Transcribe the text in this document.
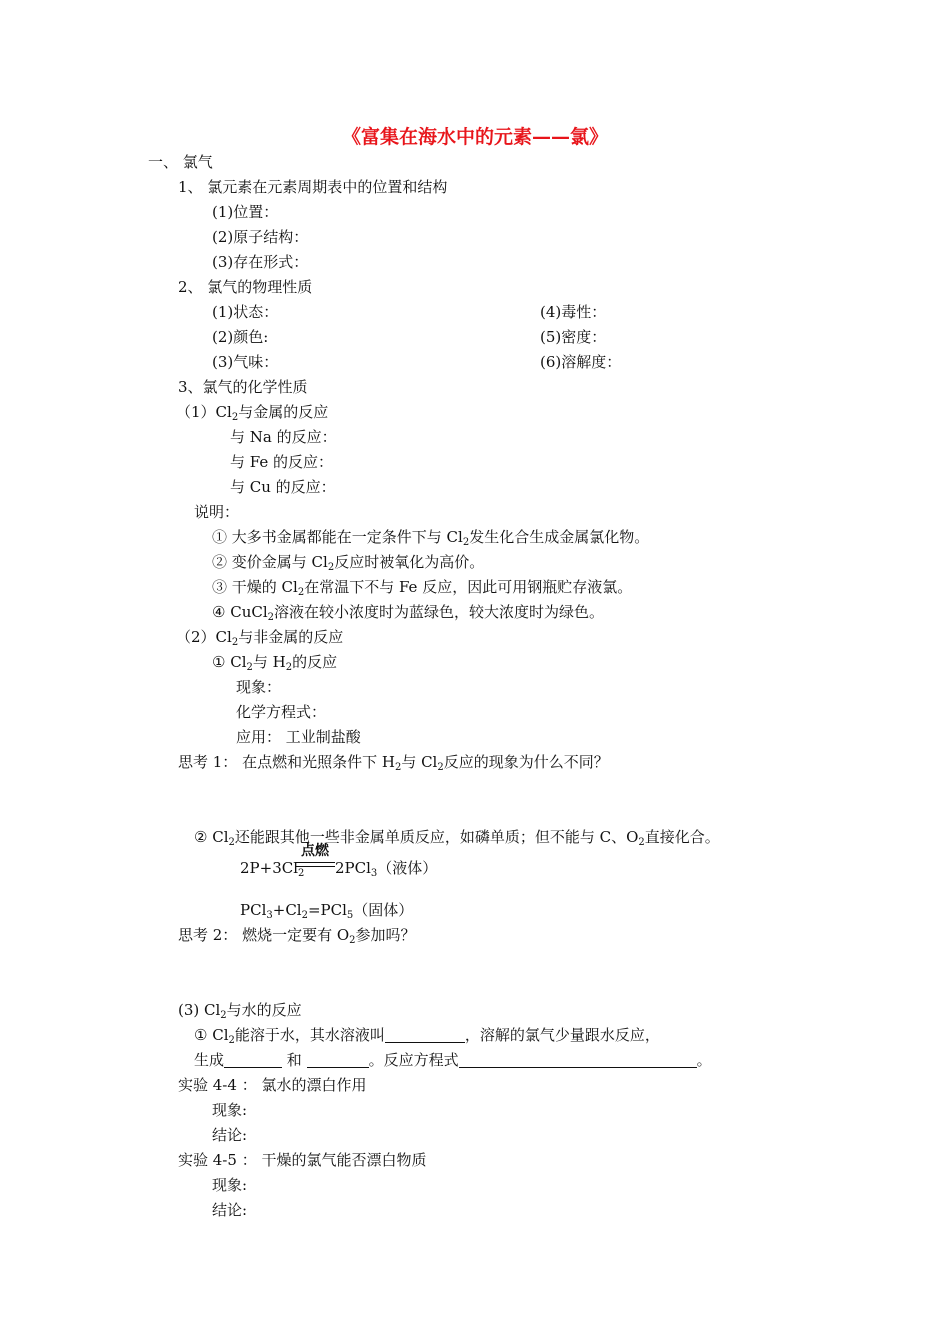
《富集在海水中的元素——氯》
一、 氯气
1、 氯元素在元素周期表中的位置和结构
(1)位置：
(2)原子结构：
(3)存在形式：
2、 氯气的物理性质
(1)状态：	(4)毒性：
(2)颜色:	(5)密度：
(3)气味：	(6)溶解度：
3、氯气的化学性质
$(1)Cl_2$与金属的反应
与 Na 的反应：
与 Fe 的反应：
与 Cu 的反应：
说明：
① 大多书金属都能在一定条件下与 $Cl_2$发生化合生成金属氯化物。
② 变价金属与 $Cl_2$反应时被氧化为高价。
③ 干燥的 $Cl_2$在常温下不与 Fe 反应，因此可用钢瓶贮存液氯。
④ CuCl$_2$溶液在较小浓度时为蓝绿色，较大浓度时为绿色。
$(2)Cl_2$与非金属的反应
① $Cl_2$与 $H_2$的反应
现象：
化学方程式：
应用： 工业制盐酸
思考 1： 在点燃和光照条件下 $H_2$与 $Cl_2$反应的现象为什么不同？
② $Cl_2$还能跟其他一些非金属单质反应，如磷单质；但不能与 C、$O_2$直接化合。
$2P+3Cl_2$
点燃
2PCl$_3$（液体）
$PCl_3+Cl_2=PCl_5$（固体）
思考 2： 燃烧一定要有 $O_2$参加吗？
(3) $Cl_2$与水的反应
① $Cl_2$能溶于水，其水溶液叫	，溶解的氯气少量跟水反应，
生成	和	。反应方程式	。
实验 4-4 ： 氯水的漂白作用
现象:
结论:
实验 4-5 ： 干燥的氯气能否漂白物质
现象:
结论:
